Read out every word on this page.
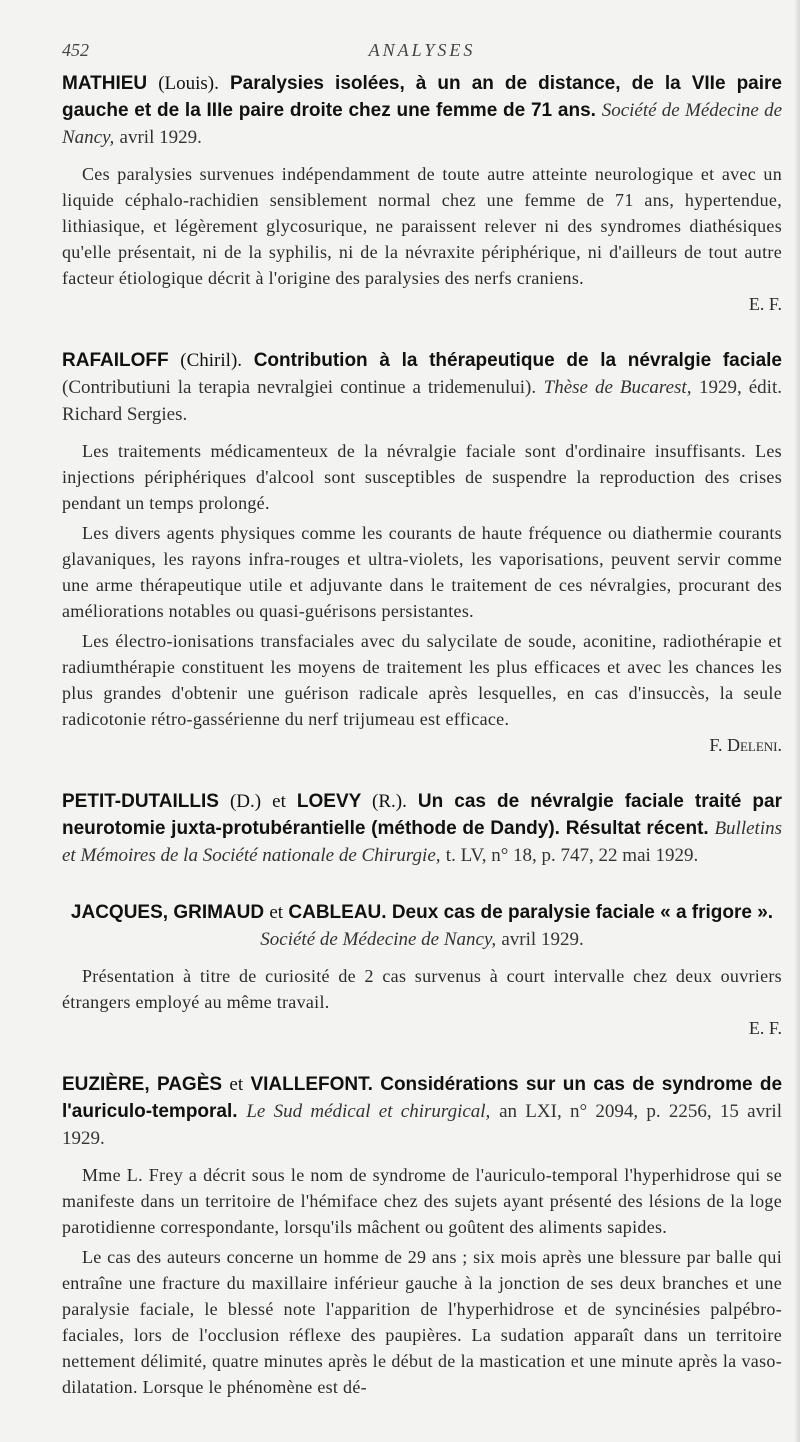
452	ANALYSES
MATHIEU (Louis). Paralysies isolées, à un an de distance, de la VIIe paire gauche et de la IIIe paire droite chez une femme de 71 ans. Société de Médecine de Nancy, avril 1929.
Ces paralysies survenues indépendamment de toute autre atteinte neurologique et avec un liquide céphalo-rachidien sensiblement normal chez une femme de 71 ans, hypertendue, lithiasique, et légèrement glycosurique, ne paraissent relever ni des syndromes diathésiques qu'elle présentait, ni de la syphilis, ni de la névraxite périphérique, ni d'ailleurs de tout autre facteur étiologique décrit à l'origine des paralysies des nerfs craniens.
E. F.
RAFAILOFF (Chiril). Contribution à la thérapeutique de la névralgie faciale (Contributiuni la terapia nevralgiei continue a tridemenului). Thèse de Bucarest, 1929, édit. Richard Sergies.
Les traitements médicamenteux de la névralgie faciale sont d'ordinaire insuffisants. Les injections périphériques d'alcool sont susceptibles de suspendre la reproduction des crises pendant un temps prolongé.
Les divers agents physiques comme les courants de haute fréquence ou diathermie courants glavaniques, les rayons infra-rouges et ultra-violets, les vaporisations, peuvent servir comme une arme thérapeutique utile et adjuvante dans le traitement de ces névralgies, procurant des améliorations notables ou quasi-guérisons persistantes.
Les électro-ionisations transfaciales avec du salycilate de soude, aconitine, radiothérapie et radiumthérapie constituent les moyens de traitement les plus efficaces et avec les chances les plus grandes d'obtenir une guérison radicale après lesquelles, en cas d'insuccès, la seule radicotonie rétro-gassérienne du nerf trijumeau est efficace.
F. Deleni.
PETIT-DUTAILLIS (D.) et LOEVY (R.). Un cas de névralgie faciale traité par neurotomie juxta-protubérantielle (méthode de Dandy). Résultat récent. Bulletins et Mémoires de la Société nationale de Chirurgie, t. LV, n° 18, p. 747, 22 mai 1929.
JACQUES, GRIMAUD et CABLEAU. Deux cas de paralysie faciale « a frigore ». Société de Médecine de Nancy, avril 1929.
Présentation à titre de curiosité de 2 cas survenus à court intervalle chez deux ouvriers étrangers employé au même travail.
E. F.
EUZIÈRE, PAGÈS et VIALLEFONT. Considérations sur un cas de syndrome de l'auriculo-temporal. Le Sud médical et chirurgical, an LXI, n° 2094, p. 2256, 15 avril 1929.
Mme L. Frey a décrit sous le nom de syndrome de l'auriculo-temporal l'hyperhidrose qui se manifeste dans un territoire de l'hémiface chez des sujets ayant présenté des lésions de la loge parotidienne correspondante, lorsqu'ils mâchent ou goûtent des aliments sapides.
Le cas des auteurs concerne un homme de 29 ans ; six mois après une blessure par balle qui entraîne une fracture du maxillaire inférieur gauche à la jonction de ses deux branches et une paralysie faciale, le blessé note l'apparition de l'hyperhidrose et de syncinésies palpébro-faciales, lors de l'occlusion réflexe des paupières. La sudation apparaît dans un territoire nettement délimité, quatre minutes après le début de la mastication et une minute après la vaso-dilatation. Lorsque le phénomène est dé-
